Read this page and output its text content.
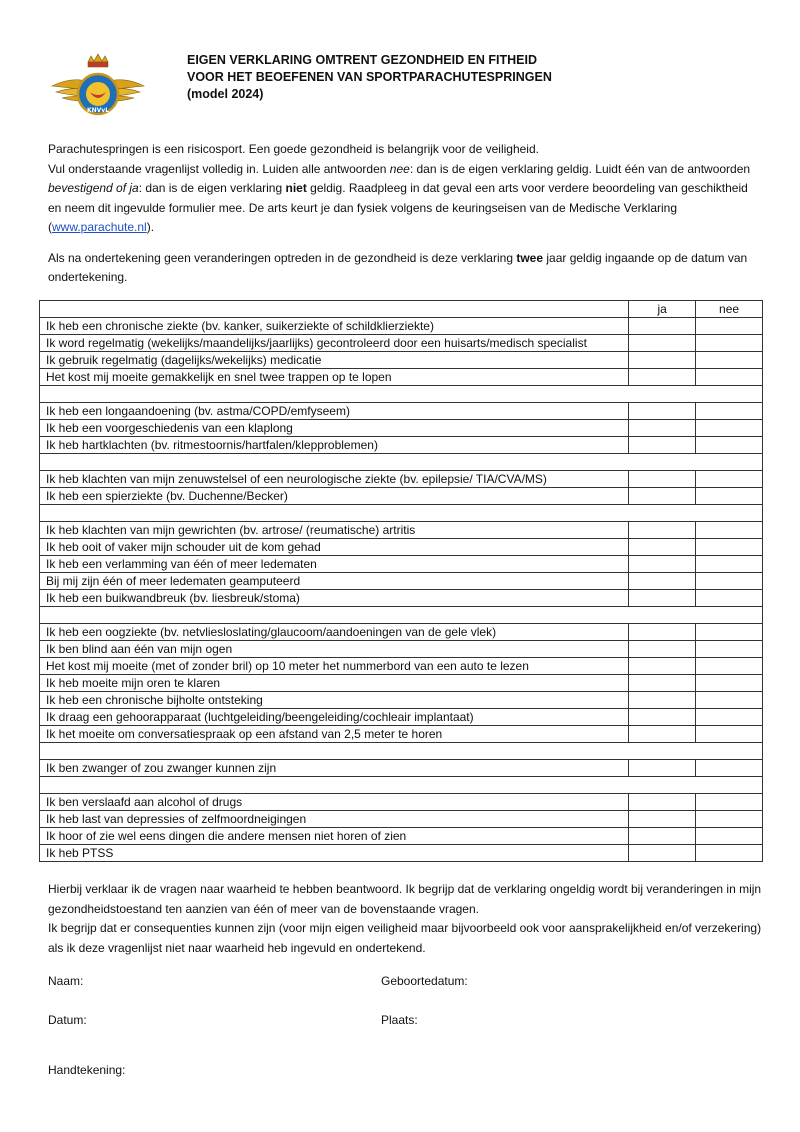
KNVvL
EIGEN VERKLARING OMTRENT GEZONDHEID EN FITHEID
VOOR HET BEOEFENEN VAN SPORTPARACHUTESPRINGEN
(model 2024)

Parachutespringen is een risicosport. Een goede gezondheid is belangrijk voor de veiligheid.

Vul onderstaande vragenlijst volledig in. Luiden alle antwoorden nee: dan is de eigen verklaring geldig. Luidt één van de antwoorden bevestigend of ja: dan is de eigen verklaring niet geldig. Raadpleeg in dat geval een arts voor verdere beoordeling van geschiktheid en neem dit ingevulde formulier mee. De arts keurt je dan fysiek volgens de keuringseisen van de Medische Verklaring (www.parachute.nl).

Als na ondertekening geen veranderingen optreden in de gezondheid is deze verklaring twee jaar geldig ingaande op de datum van ondertekening.

	ja	nee
Ik heb een chronische ziekte (bv. kanker, suikerziekte of schildklierziekte)		
Ik word regelmatig (wekelijks/maandelijks/jaarlijks) gecontroleerd door een huisarts/medisch specialist		
Ik gebruik regelmatig (dagelijks/wekelijks) medicatie		
Het kost mij moeite gemakkelijk en snel twee trappen op te lopen		

Ik heb een longaandoening (bv. astma/COPD/emfyseem)		
Ik heb een voorgeschiedenis van een klaplong		
Ik heb hartklachten (bv. ritmestoornis/hartfalen/klepproblemen)		

Ik heb klachten van mijn zenuwstelsel of een neurologische ziekte (bv. epilepsie/ TIA/CVA/MS)		
Ik heb een spierziekte (bv. Duchenne/Becker)		

Ik heb klachten van mijn gewrichten (bv. artrose/ (reumatische) artritis		
Ik heb ooit of vaker mijn schouder uit de kom gehad		
Ik heb een verlamming van één of meer ledematen		
Bij mij zijn één of meer ledematen geamputeerd		
Ik heb een buikwandbreuk (bv. liesbreuk/stoma)		

Ik heb een oogziekte (bv. netvliesloslating/glaucoom/aandoeningen van de gele vlek)		
Ik ben blind aan één van mijn ogen		
Het kost mij moeite (met of zonder bril) op 10 meter het nummerbord van een auto te lezen		
Ik heb moeite mijn oren te klaren		
Ik heb een chronische bijholte ontsteking		
Ik draag een gehoorapparaat (luchtgeleiding/beengeleiding/cochleair implantaat)		
Ik het moeite om conversatiespraak op een afstand van 2,5 meter te horen		

Ik ben zwanger of zou zwanger kunnen zijn		

Ik ben verslaafd aan alcohol of drugs		
Ik heb last van depressies of zelfmoordneigingen		
Ik hoor of zie wel eens dingen die andere mensen niet horen of zien		
Ik heb PTSS		

Hierbij verklaar ik de vragen naar waarheid te hebben beantwoord. Ik begrijp dat de verklaring ongeldig wordt bij veranderingen in mijn gezondheidstoestand ten aanzien van één of meer van de bovenstaande vragen.

Ik begrijp dat er consequenties kunnen zijn (voor mijn eigen veiligheid maar bijvoorbeeld ook voor aansprakelijkheid en/of verzekering) als ik deze vragenlijst niet naar waarheid heb ingevuld en ondertekend.

Naam:	Geboortedatum:
Datum:	Plaats:
Handtekening:
